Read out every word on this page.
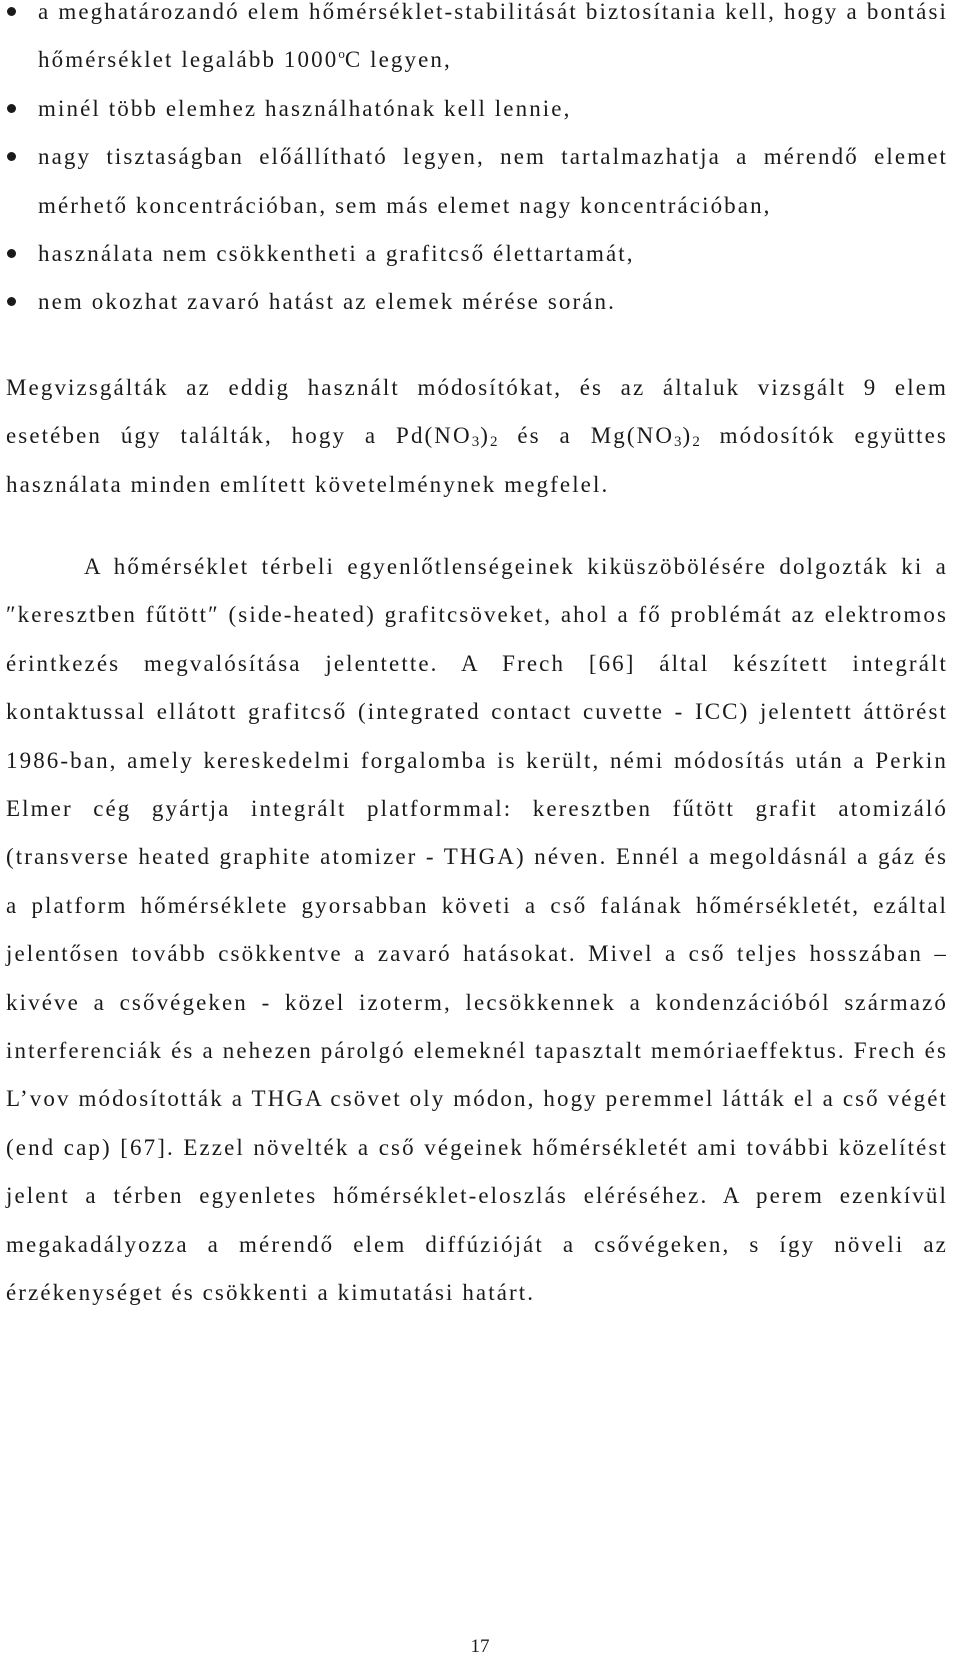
a meghatározandó elem hőmérséklet-stabilitását biztosítania kell, hogy a bontási hőmérséklet legalább 1000$^o$C legyen,
minél több elemhez használhatónak kell lennie,
nagy tisztaságban előállítható legyen, nem tartalmazhatja a mérendő elemet mérhető koncentrációban, sem más elemet nagy koncentrációban,
használata nem csökkentheti a grafitcső élettartamát,
nem okozhat zavaró hatást az elemek mérése során.

Megvizsgálták az eddig használt módosítókat, és az általuk vizsgált 9 elem esetében úgy találták, hogy a $Pd(NO_3)_2$ és a $Mg(NO_3)_2$ módosítók együttes használata minden említett követelménynek megfelel.

A hőmérséklet térbeli egyenlőtlenségeinek kiküszöbölésére dolgozták ki a ″keresztben fűtött″ (side-heated) grafitcsöveket, ahol a fő problémát az elektromos érintkezés megvalósítása jelentette. A Frech [66] által készített integrált kontaktussal ellátott grafitcső (integrated contact cuvette - ICC) jelentett áttörést 1986-ban, amely kereskedelmi forgalomba is került, némi módosítás után a Perkin Elmer cég gyártja integrált platformmal: keresztben fűtött grafit atomizáló (transverse heated graphite atomizer - THGA) néven. Ennél a megoldásnál a gáz és a platform hőmérséklete gyorsabban követi a cső falának hőmérsékletét, ezáltal jelentősen tovább csökkentve a zavaró hatásokat. Mivel a cső teljes hosszában – kivéve a csővégeken - közel izoterm, lecsökkennek a kondenzációból származó interferenciák és a nehezen párolgó elemeknél tapasztalt memóriaeffektus. Frech és L’vov módosították a THGA csövet oly módon, hogy peremmel látták el a cső végét (end cap) [67]. Ezzel növelték a cső végeinek hőmérsékletét ami további közelítést jelent a térben egyenletes hőmérséklet-eloszlás eléréséhez. A perem ezenkívül megakadályozza a mérendő elem diffúzióját a csővégeken, s így növeli az érzékenységet és csökkenti a kimutatási határt.

17
